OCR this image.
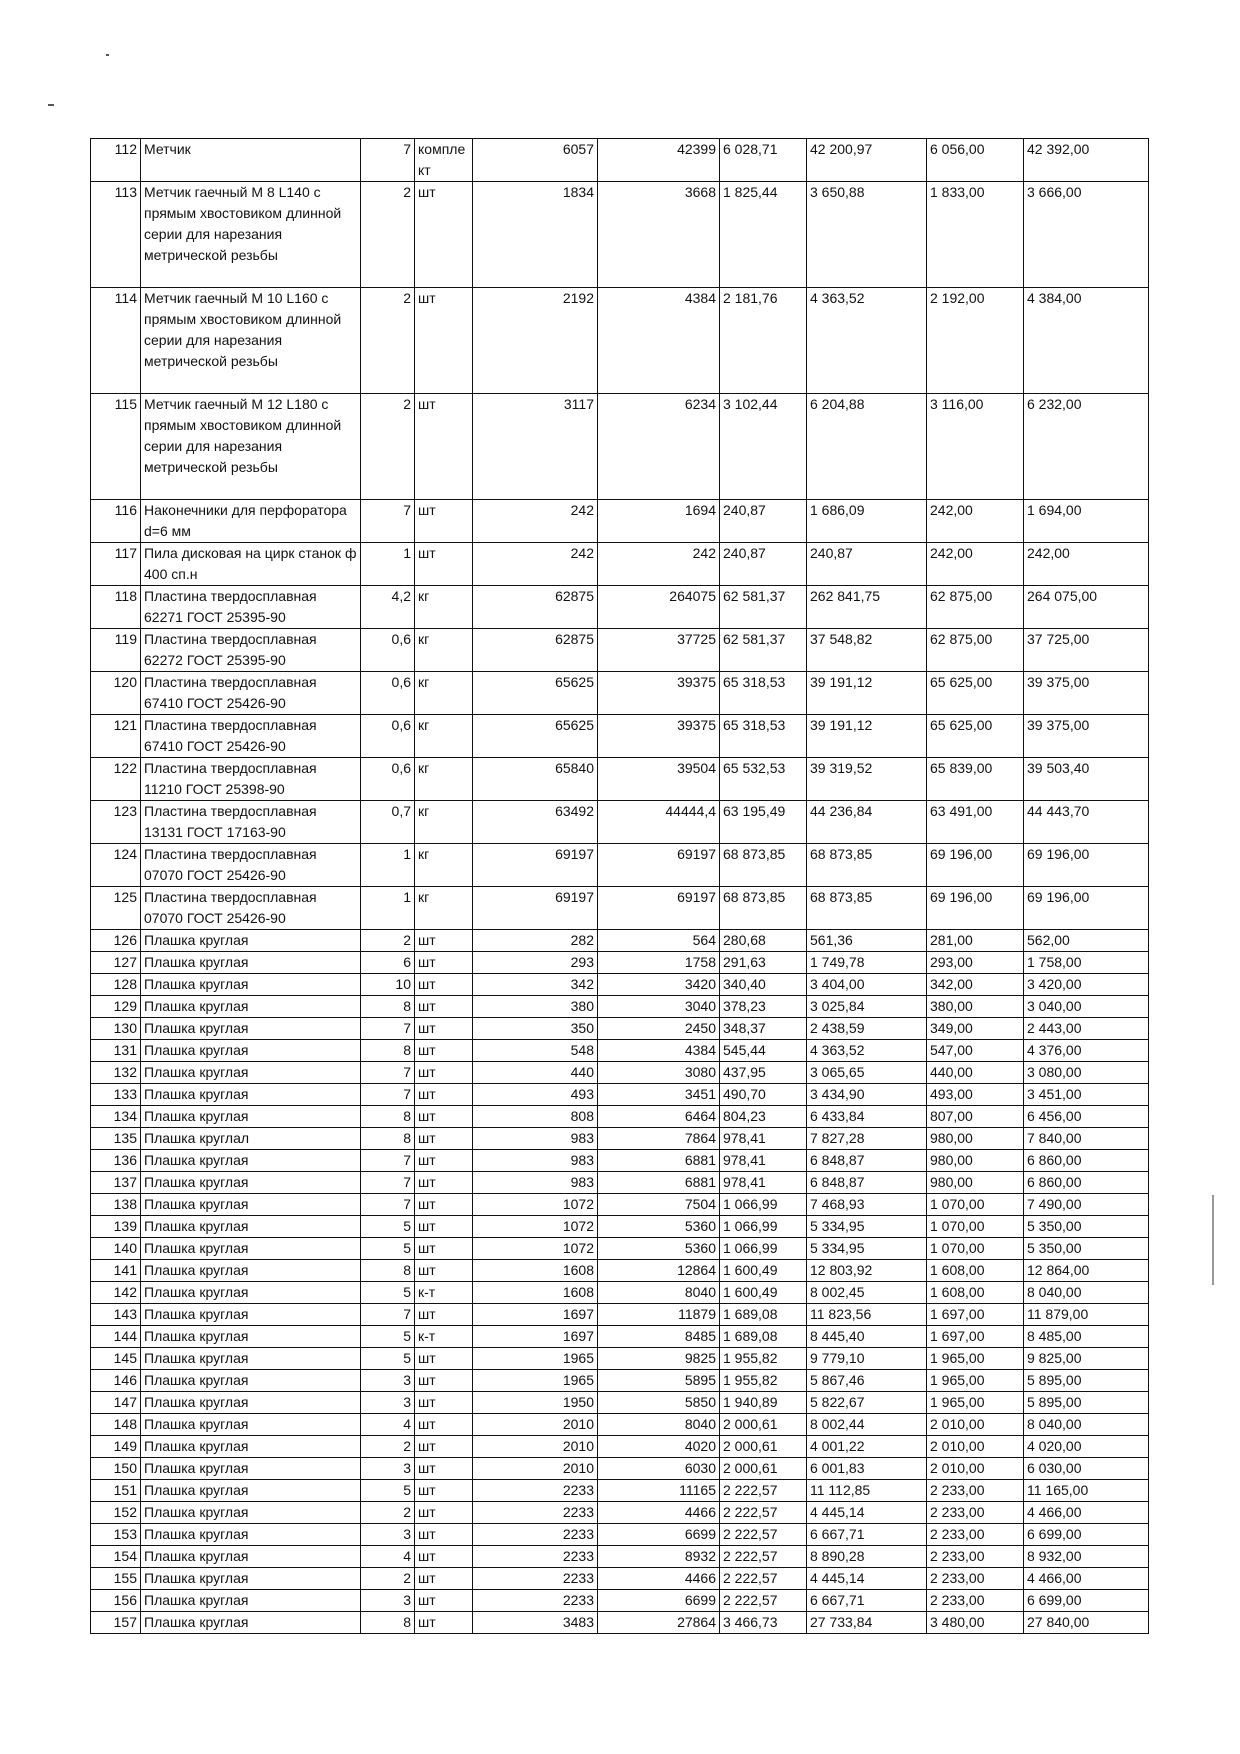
112	Метчик	7	компле кт	6057	42399	6 028,71	42 200,97	6 056,00	42 392,00
113	Метчик гаечный М 8 L140 с прямым хвостовиком длинной серии для нарезания метрической резьбы	2	шт	1834	3668	1 825,44	3 650,88	1 833,00	3 666,00
114	Метчик гаечный М 10 L160 с прямым хвостовиком длинной серии для нарезания метрической резьбы	2	шт	2192	4384	2 181,76	4 363,52	2 192,00	4 384,00
115	Метчик гаечный М 12 L180 с прямым хвостовиком длинной серии для нарезания метрической резьбы	2	шт	3117	6234	3 102,44	6 204,88	3 116,00	6 232,00
116	Наконечники для перфоратора d=6 мм	7	шт	242	1694	240,87	1 686,09	242,00	1 694,00
117	Пила дисковая на цирк станок ф 400 сп.н	1	шт	242	242	240,87	240,87	242,00	242,00
118	Пластина твердосплавная 62271 ГОСТ 25395-90	4,2	кг	62875	264075	62 581,37	262 841,75	62 875,00	264 075,00
119	Пластина твердосплавная 62272 ГОСТ 25395-90	0,6	кг	62875	37725	62 581,37	37 548,82	62 875,00	37 725,00
120	Пластина твердосплавная 67410 ГОСТ 25426-90	0,6	кг	65625	39375	65 318,53	39 191,12	65 625,00	39 375,00
121	Пластина твердосплавная 67410 ГОСТ 25426-90	0,6	кг	65625	39375	65 318,53	39 191,12	65 625,00	39 375,00
122	Пластина твердосплавная 11210 ГОСТ 25398-90	0,6	кг	65840	39504	65 532,53	39 319,52	65 839,00	39 503,40
123	Пластина твердосплавная 13131 ГОСТ 17163-90	0,7	кг	63492	44444,4	63 195,49	44 236,84	63 491,00	44 443,70
124	Пластина твердосплавная 07070 ГОСТ 25426-90	1	кг	69197	69197	68 873,85	68 873,85	69 196,00	69 196,00
125	Пластина твердосплавная 07070 ГОСТ 25426-90	1	кг	69197	69197	68 873,85	68 873,85	69 196,00	69 196,00
126	Плашка круглая	2	шт	282	564	280,68	561,36	281,00	562,00
127	Плашка круглая	6	шт	293	1758	291,63	1 749,78	293,00	1 758,00
128	Плашка круглая	10	шт	342	3420	340,40	3 404,00	342,00	3 420,00
129	Плашка круглая	8	шт	380	3040	378,23	3 025,84	380,00	3 040,00
130	Плашка круглая	7	шт	350	2450	348,37	2 438,59	349,00	2 443,00
131	Плашка круглая	8	шт	548	4384	545,44	4 363,52	547,00	4 376,00
132	Плашка круглая	7	шт	440	3080	437,95	3 065,65	440,00	3 080,00
133	Плашка круглая	7	шт	493	3451	490,70	3 434,90	493,00	3 451,00
134	Плашка круглая	8	шт	808	6464	804,23	6 433,84	807,00	6 456,00
135	Плашка круглал	8	шт	983	7864	978,41	7 827,28	980,00	7 840,00
136	Плашка круглая	7	шт	983	6881	978,41	6 848,87	980,00	6 860,00
137	Плашка круглая	7	шт	983	6881	978,41	6 848,87	980,00	6 860,00
138	Плашка круглая	7	шт	1072	7504	1 066,99	7 468,93	1 070,00	7 490,00
139	Плашка круглая	5	шт	1072	5360	1 066,99	5 334,95	1 070,00	5 350,00
140	Плашка круглая	5	шт	1072	5360	1 066,99	5 334,95	1 070,00	5 350,00
141	Плашка круглая	8	шт	1608	12864	1 600,49	12 803,92	1 608,00	12 864,00
142	Плашка круглая	5	к-т	1608	8040	1 600,49	8 002,45	1 608,00	8 040,00
143	Плашка круглая	7	шт	1697	11879	1 689,08	11 823,56	1 697,00	11 879,00
144	Плашка круглая	5	к-т	1697	8485	1 689,08	8 445,40	1 697,00	8 485,00
145	Плашка круглая	5	шт	1965	9825	1 955,82	9 779,10	1 965,00	9 825,00
146	Плашка круглая	3	шт	1965	5895	1 955,82	5 867,46	1 965,00	5 895,00
147	Плашка круглая	3	шт	1950	5850	1 940,89	5 822,67	1 965,00	5 895,00
148	Плашка круглая	4	шт	2010	8040	2 000,61	8 002,44	2 010,00	8 040,00
149	Плашка круглая	2	шт	2010	4020	2 000,61	4 001,22	2 010,00	4 020,00
150	Плашка круглая	3	шт	2010	6030	2 000,61	6 001,83	2 010,00	6 030,00
151	Плашка круглая	5	шт	2233	11165	2 222,57	11 112,85	2 233,00	11 165,00
152	Плашка круглая	2	шт	2233	4466	2 222,57	4 445,14	2 233,00	4 466,00
153	Плашка круглая	3	шт	2233	6699	2 222,57	6 667,71	2 233,00	6 699,00
154	Плашка круглая	4	шт	2233	8932	2 222,57	8 890,28	2 233,00	8 932,00
155	Плашка круглая	2	шт	2233	4466	2 222,57	4 445,14	2 233,00	4 466,00
156	Плашка круглая	3	шт	2233	6699	2 222,57	6 667,71	2 233,00	6 699,00
157	Плашка круглая	8	шт	3483	27864	3 466,73	27 733,84	3 480,00	27 840,00
